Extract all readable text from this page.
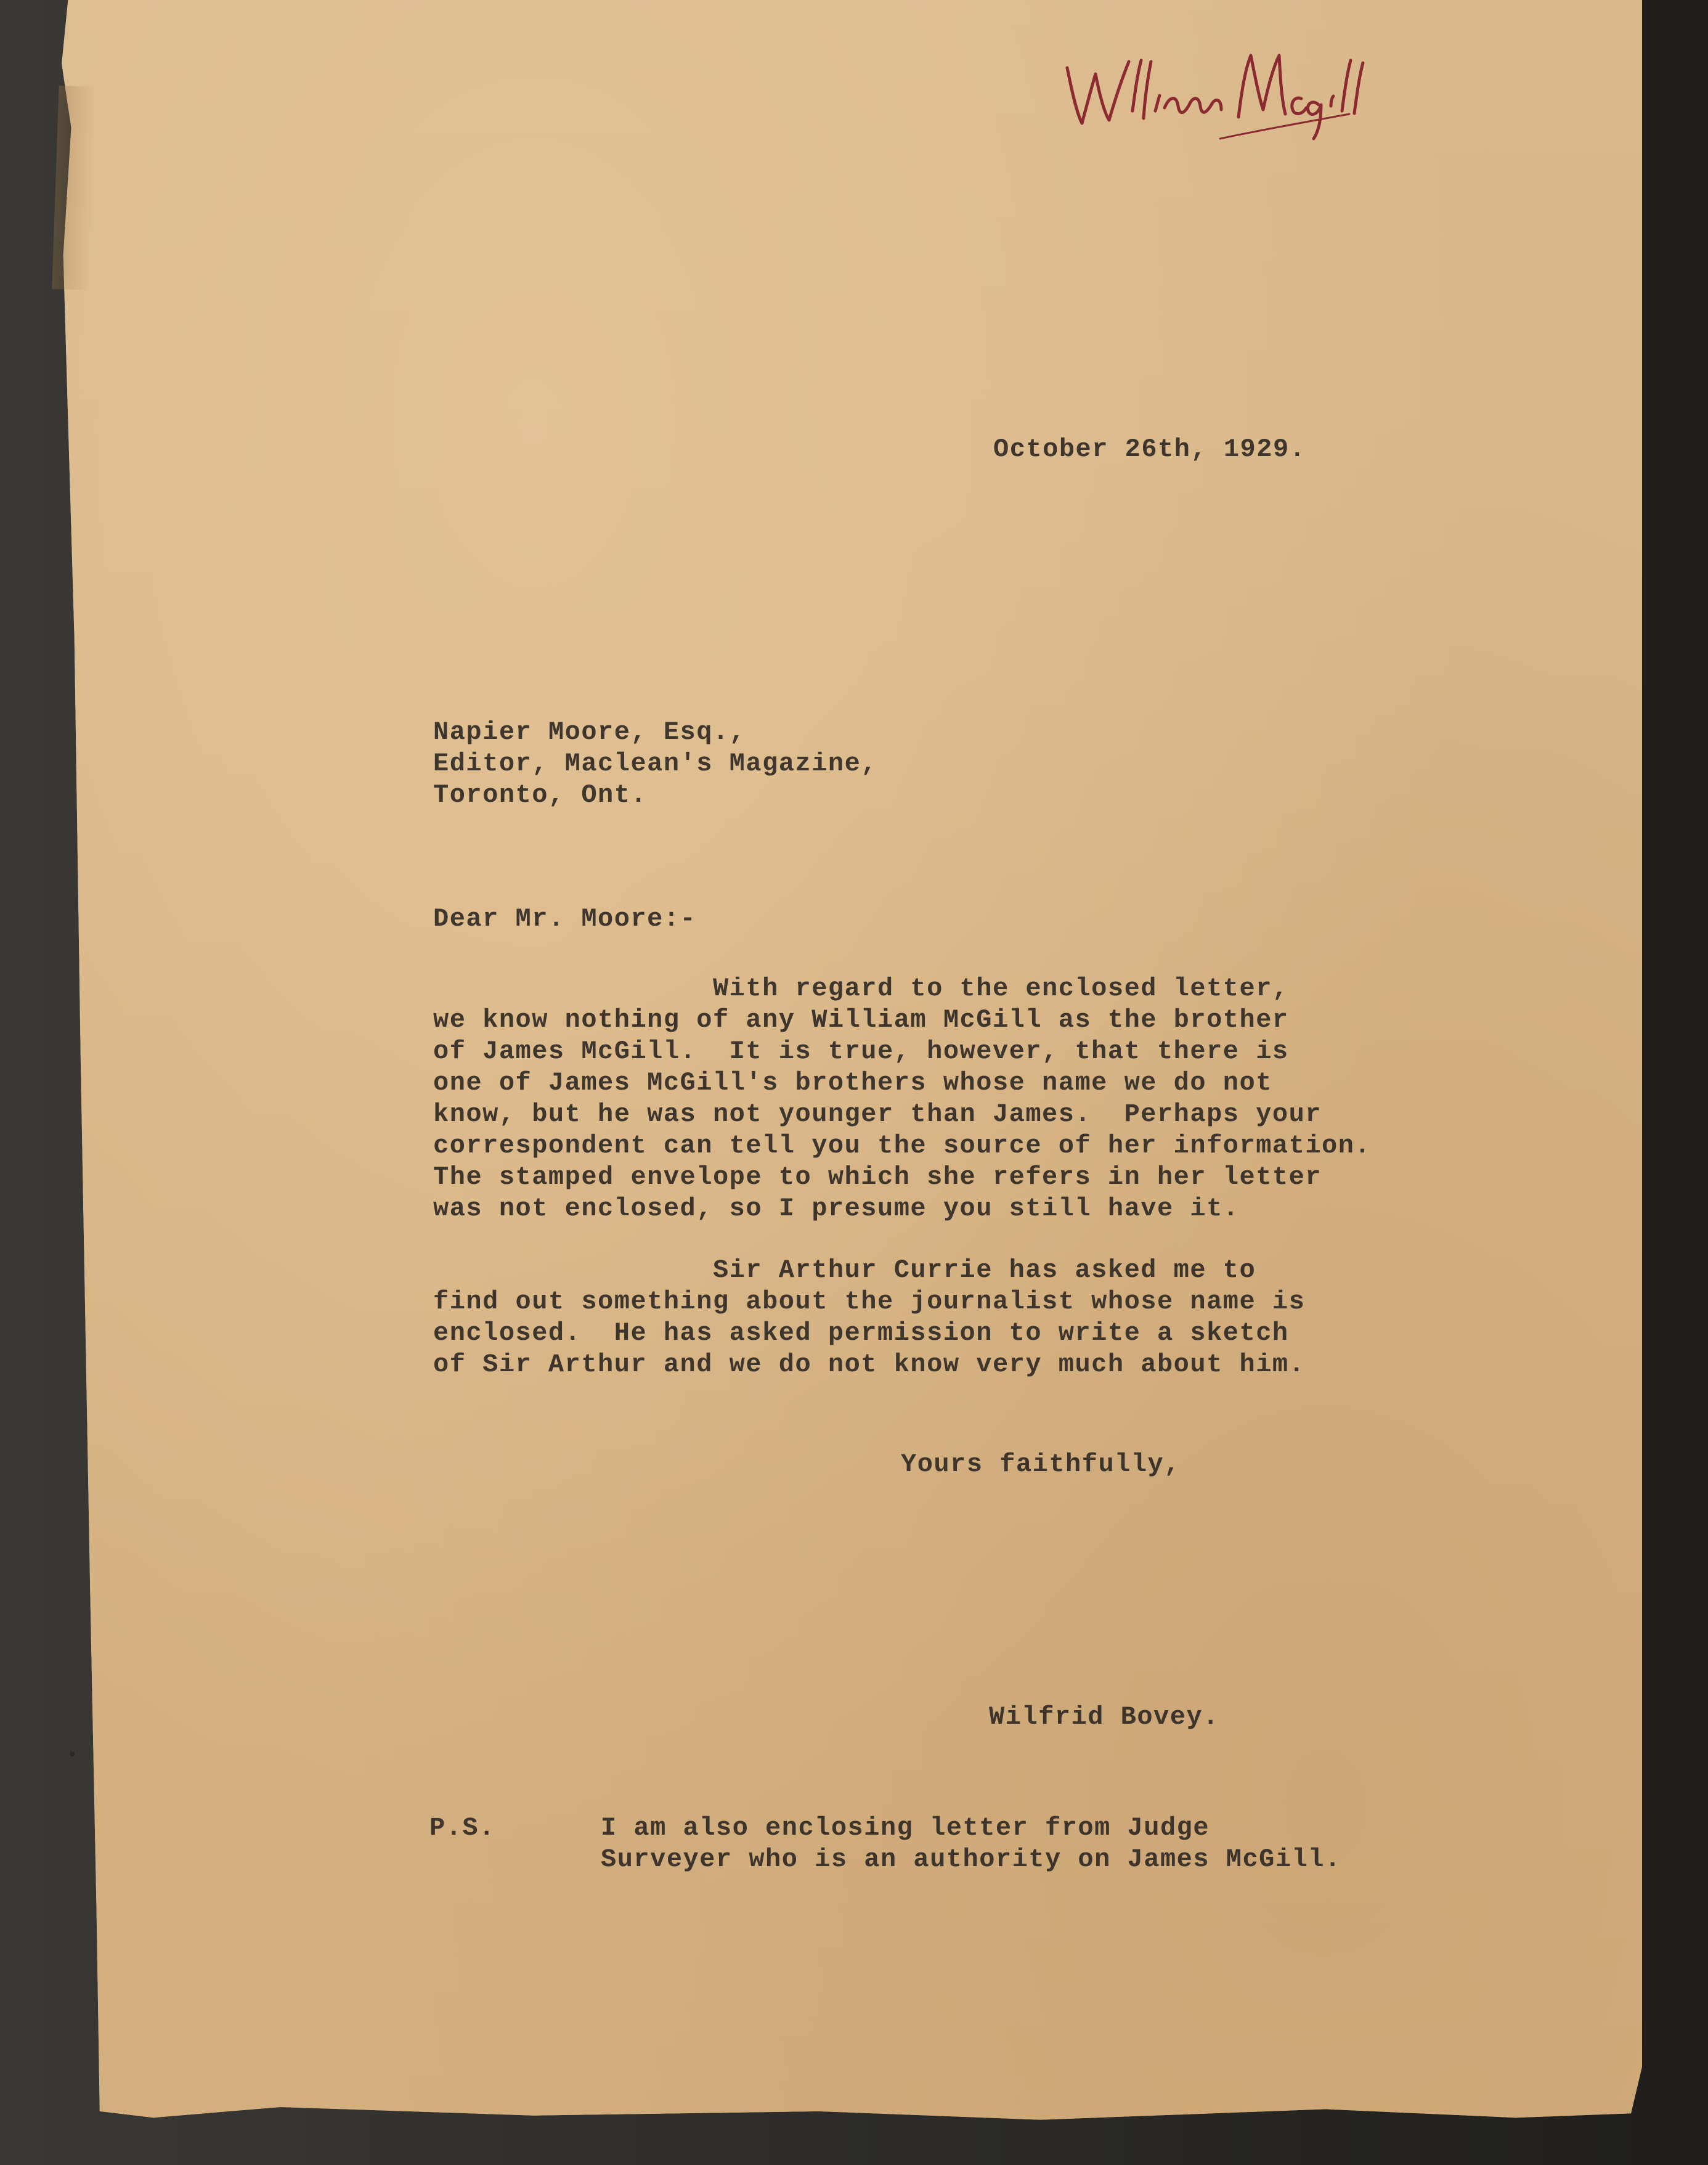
October 26th, 1929.
Napier Moore, Esq.,
Editor, Maclean's Magazine,
Toronto, Ont.
Dear Mr. Moore:-
With regard to the enclosed letter,
we know nothing of any William McGill as the brother
of James McGill.  It is true, however, that there is
one of James McGill's brothers whose name we do not
know, but he was not younger than James.  Perhaps your
correspondent can tell you the source of her information.
The stamped envelope to which she refers in her letter
was not enclosed, so I presume you still have it.
Sir Arthur Currie has asked me to
find out something about the journalist whose name is
enclosed.  He has asked permission to write a sketch
of Sir Arthur and we do not know very much about him.
Yours faithfully,
Wilfrid Bovey.
P.S.	I am also enclosing letter from Judge
Surveyer who is an authority on James McGill.
